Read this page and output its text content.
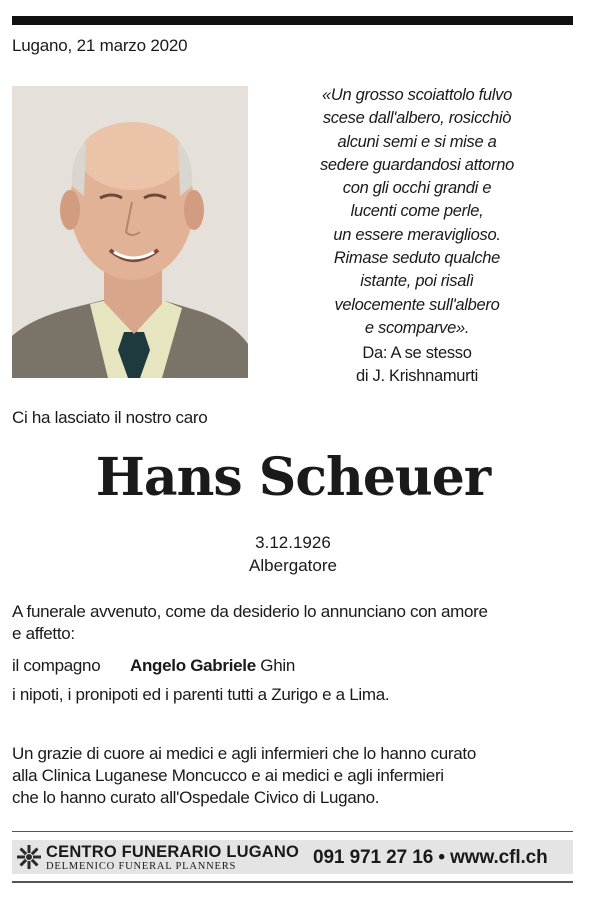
Lugano, 21 marzo 2020
«Un grosso scoiattolo fulvo
scese dall'albero, rosicchiò
alcuni semi e si mise a
sedere guardandosi attorno
con gli occhi grandi e
lucenti come perle,
un essere meraviglioso.
Rimase seduto qualche
istante, poi risalì
velocemente sull'albero
e scomparve».
Da: A se stesso
di J. Krishnamurti
Ci ha lasciato il nostro caro
Hans Scheuer
3.12.1926
Albergatore
A funerale avvenuto, come da desiderio lo annunciano con amore
e affetto:
il compagno Angelo Gabriele Ghin
i nipoti, i pronipoti ed i parenti tutti a Zurigo e a Lima.
Un grazie di cuore ai medici e agli infermieri che lo hanno curato
alla Clinica Luganese Moncucco e ai medici e agli infermieri
che lo hanno curato all'Ospedale Civico di Lugano.
CENTRO FUNERARIO LUGANO
DELMENICO FUNERAL PLANNERS	091 971 27 16 • www.cfl.ch
